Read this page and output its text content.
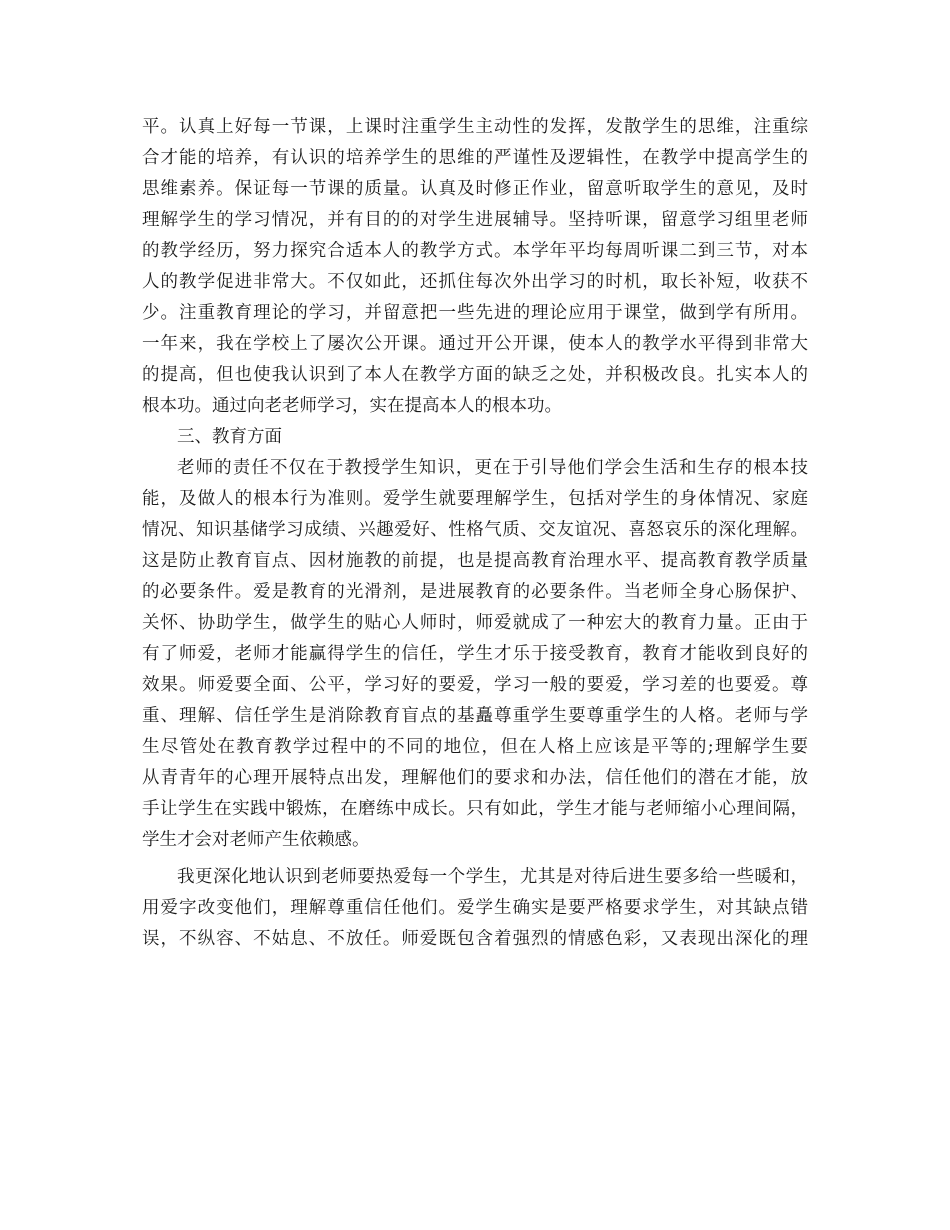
平。认真上好每一节课，上课时注重学生主动性的发挥，发散学生的思维，注重综
合才能的培养，有认识的培养学生的思维的严谨性及逻辑性，在教学中提高学生的
思维素养。保证每一节课的质量。认真及时修正作业，留意听取学生的意见，及时
理解学生的学习情况，并有目的的对学生进展辅导。坚持听课，留意学习组里老师
的教学经历，努力探究合适本人的教学方式。本学年平均每周听课二到三节，对本
人的教学促进非常大。不仅如此，还抓住每次外出学习的时机，取长补短，收获不
少。注重教育理论的学习，并留意把一些先进的理论应用于课堂，做到学有所用。
一年来，我在学校上了屡次公开课。通过开公开课，使本人的教学水平得到非常大
的提高，但也使我认识到了本人在教学方面的缺乏之处，并积极改良。扎实本人的
根本功。通过向老老师学习，实在提高本人的根本功。
三、教育方面
老师的责任不仅在于教授学生知识，更在于引导他们学会生活和生存的根本技
能，及做人的根本行为准则。爱学生就要理解学生，包括对学生的身体情况、家庭
情况、知识基储学习成绩、兴趣爱好、性格气质、交友谊况、喜怒哀乐的深化理解。
这是防止教育盲点、因材施教的前提，也是提高教育治理水平、提高教育教学质量
的必要条件。爱是教育的光滑剂，是进展教育的必要条件。当老师全身心肠保护、
关怀、协助学生，做学生的贴心人师时，师爱就成了一种宏大的教育力量。正由于
有了师爱，老师才能赢得学生的信任，学生才乐于接受教育，教育才能收到良好的
效果。师爱要全面、公平，学习好的要爱，学习一般的要爱，学习差的也要爱。尊
重、理解、信任学生是消除教育盲点的基矗尊重学生要尊重学生的人格。老师与学
生尽管处在教育教学过程中的不同的地位，但在人格上应该是平等的;理解学生要
从青青年的心理开展特点出发，理解他们的要求和办法，信任他们的潜在才能，放
手让学生在实践中锻炼，在磨练中成长。只有如此，学生才能与老师缩小心理间隔，
学生才会对老师产生依赖感。
我更深化地认识到老师要热爱每一个学生，尤其是对待后进生要多给一些暖和，
用爱字改变他们，理解尊重信任他们。爱学生确实是要严格要求学生，对其缺点错
误，不纵容、不姑息、不放任。师爱既包含着强烈的情感色彩，又表现出深化的理
